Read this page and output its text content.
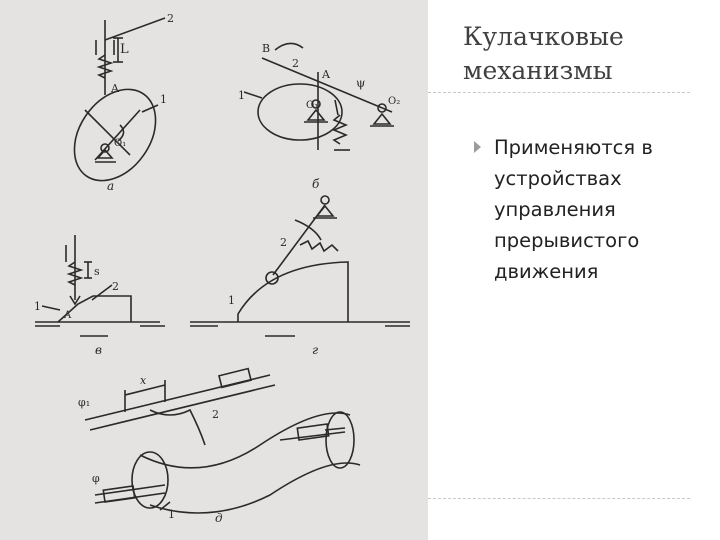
2
L
A
1
O₁
а
B
2
A
ψ
1
O₁	O₂
б
s
2
1
A
в
2
1
г
φ₁
x
2
φ
1	д
Кулачковые механизмы
Применяются в устройствах управления прерывистого движения
